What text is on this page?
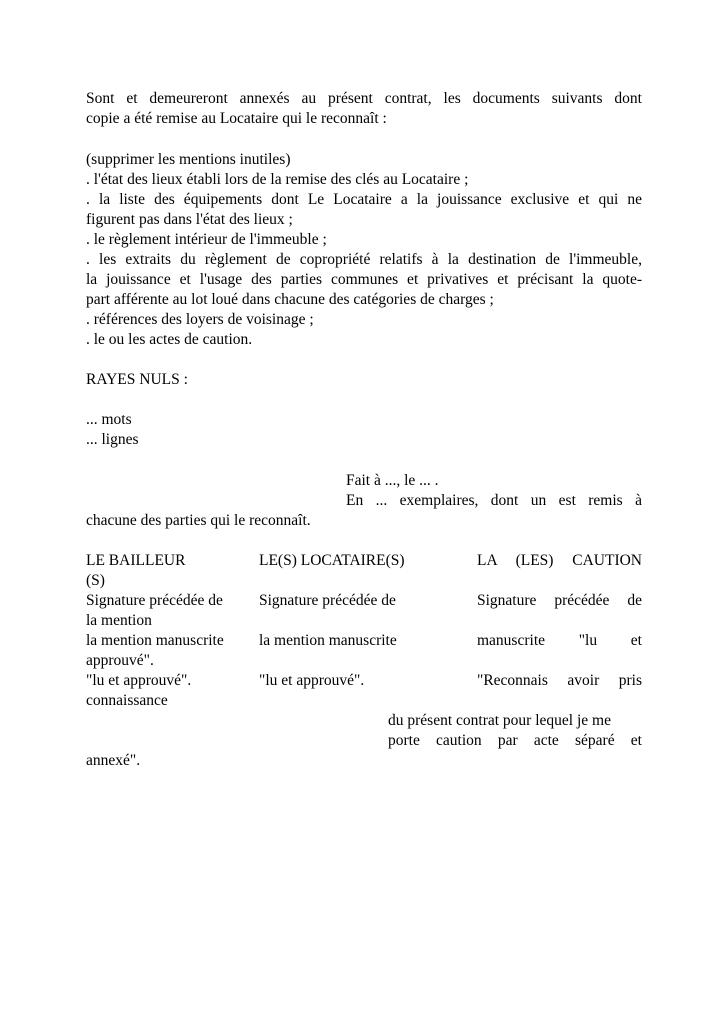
Sont et demeureront annexés au présent contrat, les documents suivants dont
copie a été remise au Locataire qui le reconnaît :
(supprimer les mentions inutiles)
. l'état des lieux établi lors de la remise des clés au Locataire ;
. la liste des équipements dont Le Locataire a la jouissance exclusive et qui ne
figurent pas dans l'état des lieux ;
. le règlement intérieur de l'immeuble ;
. les extraits du règlement de copropriété relatifs à la destination de l'immeuble,
la jouissance et l'usage des parties communes et privatives et précisant la quote-
part afférente au lot loué dans chacune des catégories de charges ;
. références des loyers de voisinage ;
. le ou les actes de caution.
RAYES NULS :
... mots
... lignes
Fait à ..., le ... .
En ... exemplaires, dont un est remis à
chacune des parties qui le reconnaît.
LE BAILLEUR
(S)
Signature précédée de
la mention
la mention manuscrite
approuvé".
"lu et approuvé".
connaissance
LE(S) LOCATAIRE(S)
Signature précédée de
la mention manuscrite
"lu et approuvé".
LA (LES) CAUTION
Signature précédée de
manuscrite "lu et
"Reconnais avoir pris
du présent contrat pour lequel je me
porte caution par acte séparé et
annexé".
